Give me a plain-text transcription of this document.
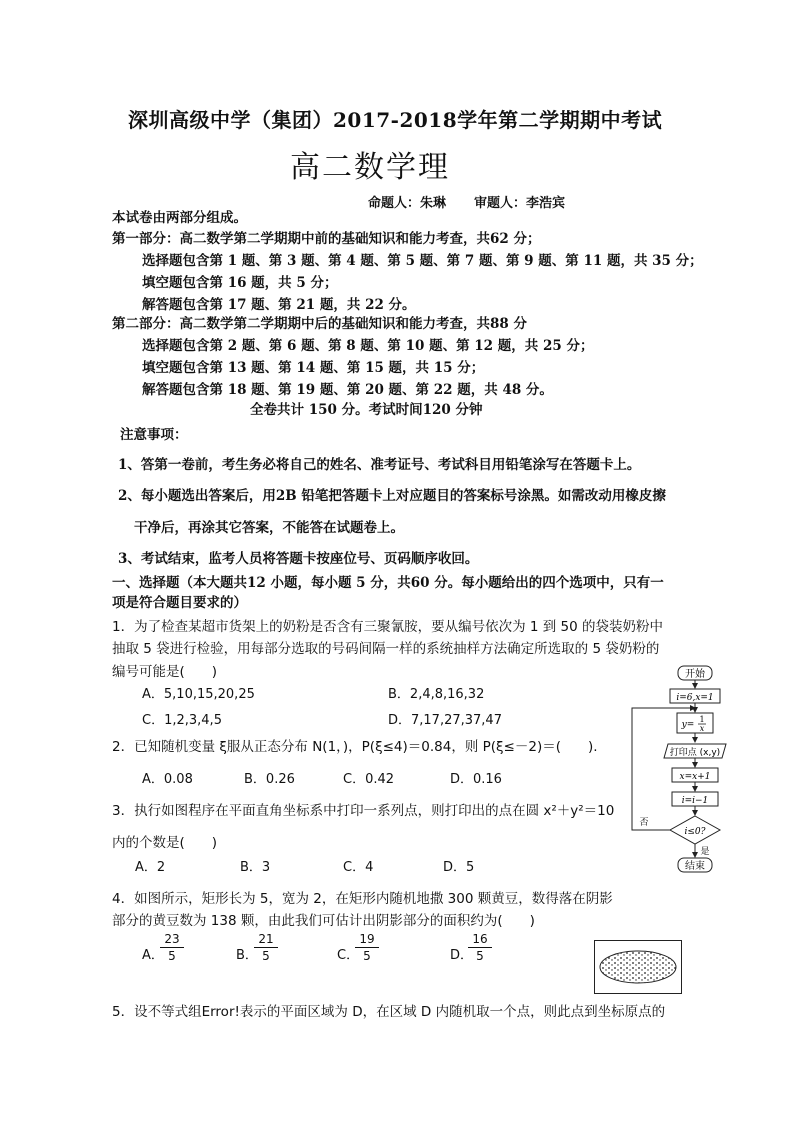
深圳高级中学（集团）2017-2018学年第二学期期中考试
高二数学理
命题人：朱琳 审题人：李浩宾
本试卷由两部分组成。
第一部分：高二数学第二学期期中前的基础知识和能力考查，共62 分；
选择题包含第 1 题、第 3 题、第 4 题、第 5 题、第 7 题、第 9 题、第 11 题，共 35 分；
填空题包含第 16 题，共 5 分；
解答题包含第 17 题、第 21 题，共 22 分。
第二部分：高二数学第二学期期中后的基础知识和能力考查，共88 分
选择题包含第 2 题、第 6 题、第 8 题、第 10 题、第 12 题，共 25 分；
填空题包含第 13 题、第 14 题、第 15 题，共 15 分；
解答题包含第 18 题、第 19 题、第 20 题、第 22 题，共 48 分。
全卷共计 150 分。考试时间120 分钟
注意事项：
1、答第一卷前，考生务必将自己的姓名、准考证号、考试科目用铅笔涂写在答题卡上。
2、每小题选出答案后，用2B 铅笔把答题卡上对应题目的答案标号涂黑。如需改动用橡皮擦
干净后，再涂其它答案，不能答在试题卷上。
3、考试结束，监考人员将答题卡按座位号、页码顺序收回。
一、选择题（本大题共12 小题，每小题 5 分，共60 分。每小题给出的四个选项中，只有一
项是符合题目要求的）
1．为了检查某超市货架上的奶粉是否含有三聚氰胺，要从编号依次为 1 到 50 的袋装奶粉中
抽取 5 袋进行检验，用每部分选取的号码间隔一样的系统抽样方法确定所选取的 5 袋奶粉的
编号可能是(　　)
A．5,10,15,20,25	B．2,4,8,16,32
C．1,2,3,4,5	D．7,17,27,37,47
2．已知随机变量 ξ服从正态分布 N(1，)，P(ξ≤4)＝0.84，则 P(ξ≤－2)＝(　　).
A．0.08	B．0.26	C．0.42	D．0.16
3．执行如图程序在平面直角坐标系中打印一系列点，则打印出的点在圆 x²＋y²＝10
内的个数是(　　)
A．2	B．3	C．4	D．5
开始
i=6,x=1
y=
1
x
打印点 (x,y)
x=x+1
i=i−1
i≤0?
否
是
结束
4．如图所示，矩形长为 5，宽为 2，在矩形内随机地撒 300 颗黄豆，数得落在阴影
部分的黄豆数为 138 颗，由此我们可估计出阴影部分的面积约为(　　)
A．
$\frac{23}{5}$	B．
$\frac{21}{5}$	C．
$\frac{19}{5}$	D．
$\frac{16}{5}$
5．设不等式组Error!表示的平面区域为 D，在区域 D 内随机取一个点，则此点到坐标原点的
